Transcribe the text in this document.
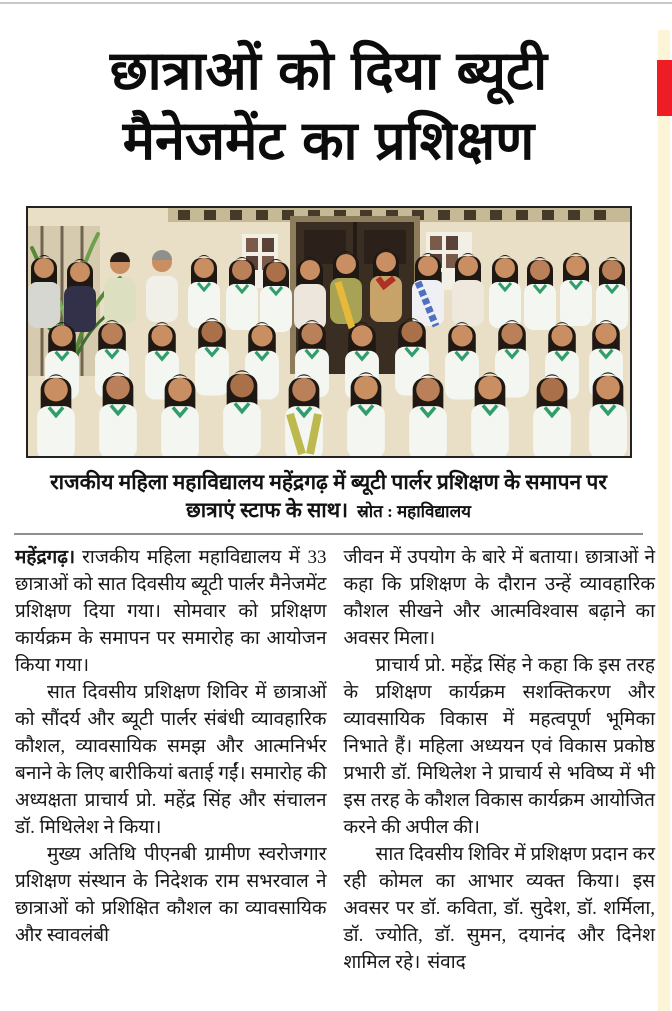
छात्राओं को दिया ब्यूटी
मैनेजमेंट का प्रशिक्षण
राजकीय महिला महाविद्यालय महेंद्रगढ़ में ब्यूटी पार्लर प्रशिक्षण के समापन पर
छात्राएं स्टाफ के साथ। स्रोत : महाविद्यालय

महेंद्रगढ़। राजकीय महिला महाविद्यालय में 33 छात्राओं को सात दिवसीय ब्यूटी पार्लर मैनेजमेंट प्रशिक्षण दिया गया। सोमवार को प्रशिक्षण कार्यक्रम के समापन पर समारोह का आयोजन किया गया।

सात दिवसीय प्रशिक्षण शिविर में छात्राओं को सौंदर्य और ब्यूटी पार्लर संबंधी व्यावहारिक कौशल, व्यावसायिक समझ और आत्मनिर्भर बनाने के लिए बारीकियां बताई गईं। समारोह की अध्यक्षता प्राचार्य प्रो. महेंद्र सिंह और संचालन डॉ. मिथिलेश ने किया।

मुख्य अतिथि पीएनबी ग्रामीण स्वरोजगार प्रशिक्षण संस्थान के निदेशक राम सभरवाल ने छात्राओं को प्रशिक्षित कौशल का व्यावसायिक और स्वावलंबी

जीवन में उपयोग के बारे में बताया। छात्राओं ने कहा कि प्रशिक्षण के दौरान उन्हें व्यावहारिक कौशल सीखने और आत्मविश्वास बढ़ाने का अवसर मिला।

प्राचार्य प्रो. महेंद्र सिंह ने कहा कि इस तरह के प्रशिक्षण कार्यक्रम सशक्तिकरण और व्यावसायिक विकास में महत्वपूर्ण भूमिका निभाते हैं। महिला अध्ययन एवं विकास प्रकोष्ठ प्रभारी डॉ. मिथिलेश ने प्राचार्य से भविष्य में भी इस तरह के कौशल विकास कार्यक्रम आयोजित करने की अपील की।

सात दिवसीय शिविर में प्रशिक्षण प्रदान कर रही कोमल का आभार व्यक्त किया। इस अवसर पर डॉ. कविता, डॉ. सुदेश, डॉ. शर्मिला, डॉ. ज्योति, डॉ. सुमन, दयानंद और दिनेश शामिल रहे। संवाद
